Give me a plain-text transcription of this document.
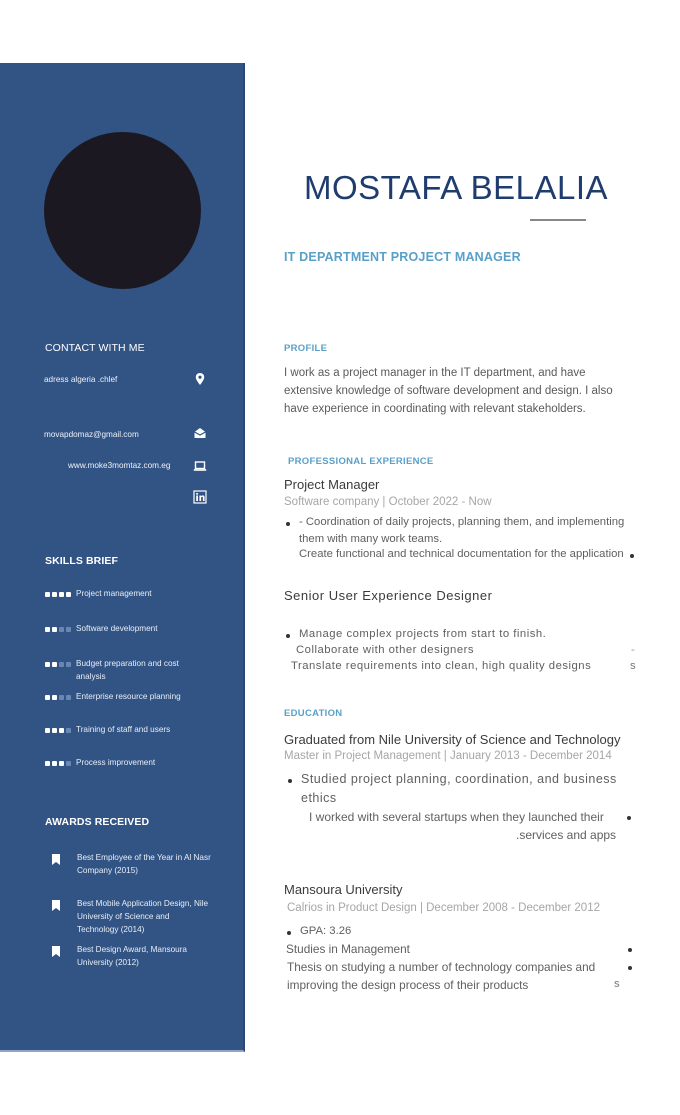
CONTACT WITH ME
adress algeria .chlef
movapdomaz@gmail.com
www.moke3momtaz.com.eg
SKILLS BRIEF
Project management
Software development
Budget preparation and cost analysis
Enterprise resource planning
Training of staff and users
Process improvement
AWARDS RECEIVED
Best Employee of the Year in Al Nasr Company (2015)
Best Mobile Application Design, Nile University of Science and Technology (2014)
Best Design Award, Mansoura University (2012)
MOSTAFA BELALIA
IT DEPARTMENT PROJECT MANAGER
PROFILE

I work as a project manager in the IT department, and have extensive knowledge of software development and design. I also have experience in coordinating with relevant stakeholders.

PROFESSIONAL EXPERIENCE
Project Manager
Software company | October 2022 - Now
- Coordination of daily projects, planning them, and implementing
them with many work teams.
Create functional and technical documentation for the application
Senior User Experience Designer
Manage complex projects from start to finish.
Collaborate with other designers	-
Translate requirements into clean, high quality designs	s
EDUCATION
Graduated from Nile University of Science and Technology
Master in Project Management | January 2013 - December 2014
Studied project planning, coordination, and business
ethics
I worked with several startups when they launched their
.services and apps
Mansoura University
Calrios in Product Design | December 2008 - December 2012
GPA: 3.26
Studies in Management
Thesis on studying a number of technology companies and
improving the design process of their products	s
